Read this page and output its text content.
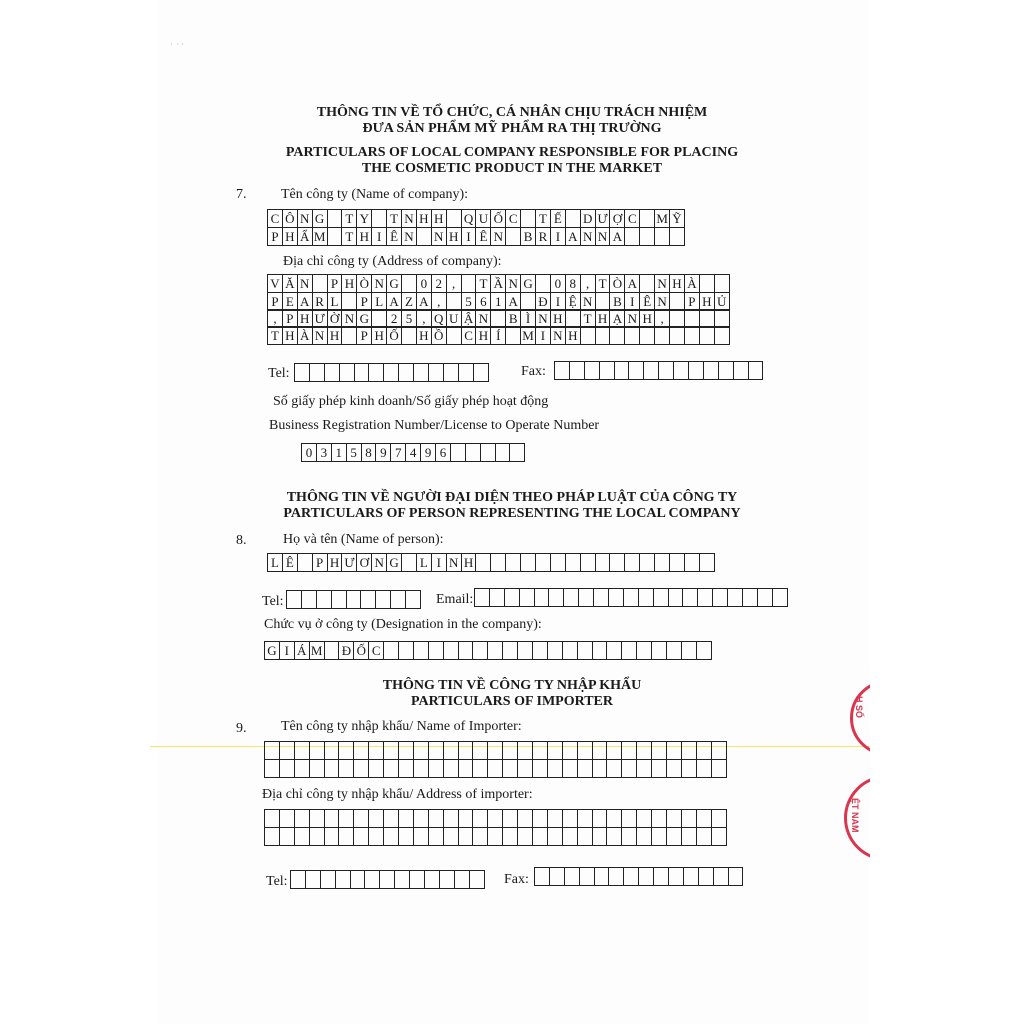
·  · ·
THÔNG TIN VỀ TỔ CHỨC, CÁ NHÂN CHỊU TRÁCH NHIỆM
ĐƯA SẢN PHẨM MỸ PHẨM RA THỊ TRƯỜNG
PARTICULARS OF LOCAL COMPANY RESPONSIBLE FOR PLACING
THE COSMETIC PRODUCT IN THE MARKET
7. Tên công ty (Name of company):
C Ô N G	T Y	T N H H Q U Ố C	T Ế	D Ư Ợ C M Ỹ
P H Ẩ M	T H I Ê N N H I Ê N B R I A N N A
Địa chỉ công ty (Address of company):
V Ă N	P H Ò N G	0 2 ,	T Ầ N G	0 8 , T Ò A N H À
P E A R L	P L A Z A ,	5 6 1 A Đ I Ệ N B I Ê N	P H Ủ
, P H Ư Ờ N G	2 5 , Q U Ậ N B Ì N H	T H Ạ N H ,
T H À N H	P H Ố H Ồ C H Í	M I N H
Tel:	Fax:
Số giấy phép kinh doanh/Số giấy phép hoạt động
Business Registration Number/License to Operate Number
0 3 1 5 8 9 7 4 9 6
THÔNG TIN VỀ NGƯỜI ĐẠI DIỆN THEO PHÁP LUẬT CỦA CÔNG TY
PARTICULARS OF PERSON REPRESENTING THE LOCAL COMPANY
8.	Họ và tên (Name of person):
L Ê	P H Ư Ơ N G	L I N H
Tel:	Email:
Chức vụ ở công ty (Designation in the company):
G I Á M Đ Ố C
THÔNG TIN VỀ CÔNG TY NHẬP KHẨU
PARTICULARS OF IMPORTER
9. Tên công ty nhập khẩu/ Name of Importer:
Địa chỉ công ty nhập khẩu/ Address of importer:
Tel:	Fax:
H SỐ
ỆT NAM
